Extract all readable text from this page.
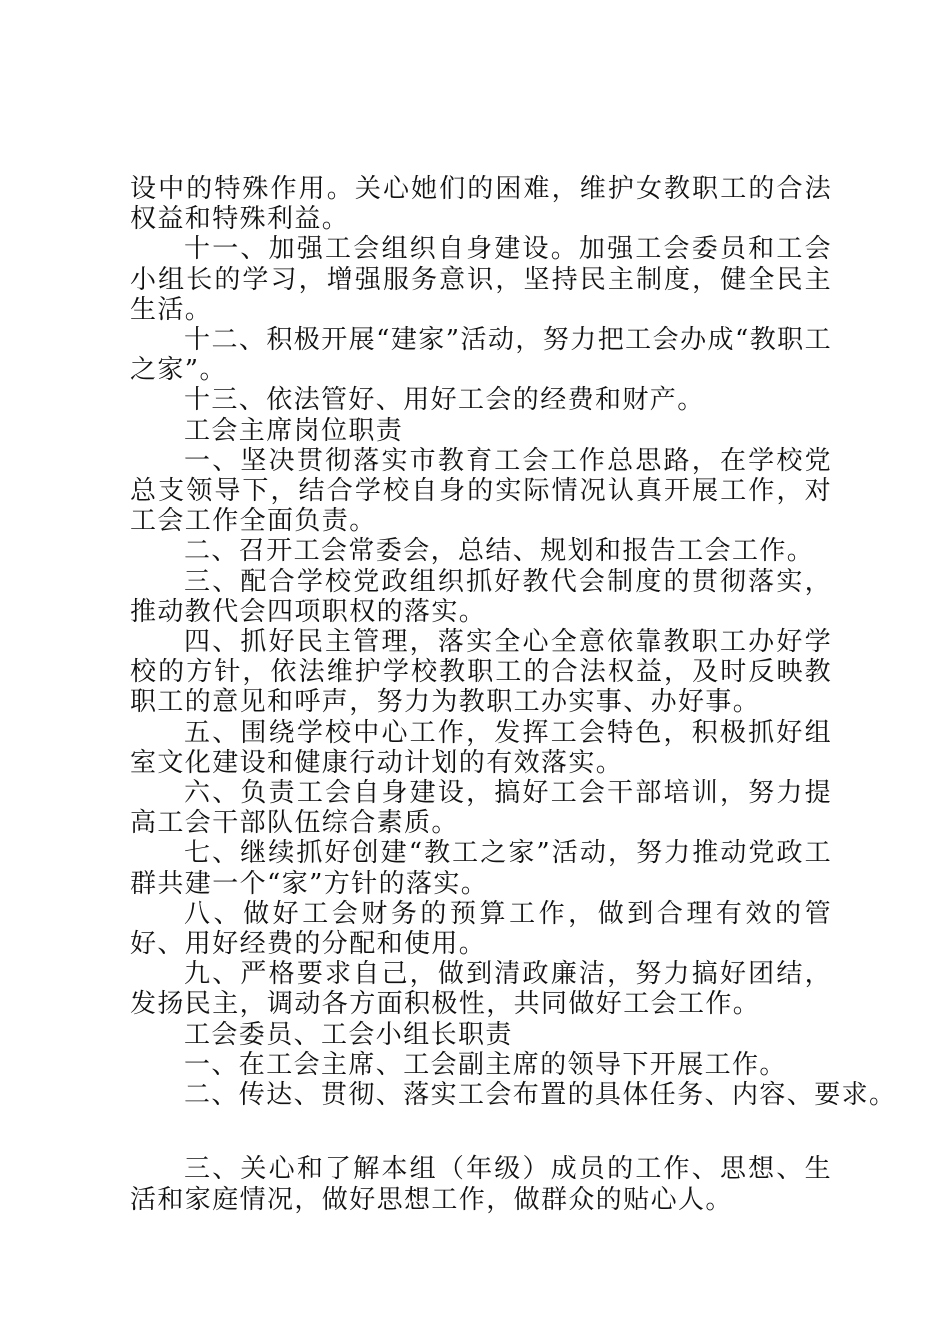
设中的特殊作用。关心她们的困难，维护女教职工的合法权益和特殊利益。

十一、加强工会组织自身建设。加强工会委员和工会小组长的学习，增强服务意识，坚持民主制度，健全民主生活。

十二、积极开展“建家”活动，努力把工会办成“教职工之家”。

十三、依法管好、用好工会的经费和财产。

工会主席岗位职责

一、坚决贯彻落实市教育工会工作总思路，在学校党总支领导下，结合学校自身的实际情况认真开展工作，对工会工作全面负责。

二、召开工会常委会，总结、规划和报告工会工作。

三、配合学校党政组织抓好教代会制度的贯彻落实，推动教代会四项职权的落实。

四、抓好民主管理，落实全心全意依靠教职工办好学校的方针，依法维护学校教职工的合法权益，及时反映教职工的意见和呼声，努力为教职工办实事、办好事。

五、围绕学校中心工作，发挥工会特色，积极抓好组室文化建设和健康行动计划的有效落实。

六、负责工会自身建设，搞好工会干部培训，努力提高工会干部队伍综合素质。

七、继续抓好创建“教工之家”活动，努力推动党政工群共建一个“家”方针的落实。

八、做好工会财务的预算工作，做到合理有效的管好、用好经费的分配和使用。

九、严格要求自己，做到清政廉洁，努力搞好团结，发扬民主，调动各方面积极性，共同做好工会工作。

工会委员、工会小组长职责

一、在工会主席、工会副主席的领导下开展工作。

二、传达、贯彻、落实工会布置的具体任务、内容、要求。

三、关心和了解本组（年级）成员的工作、思想、生活和家庭情况，做好思想工作，做群众的贴心人。
